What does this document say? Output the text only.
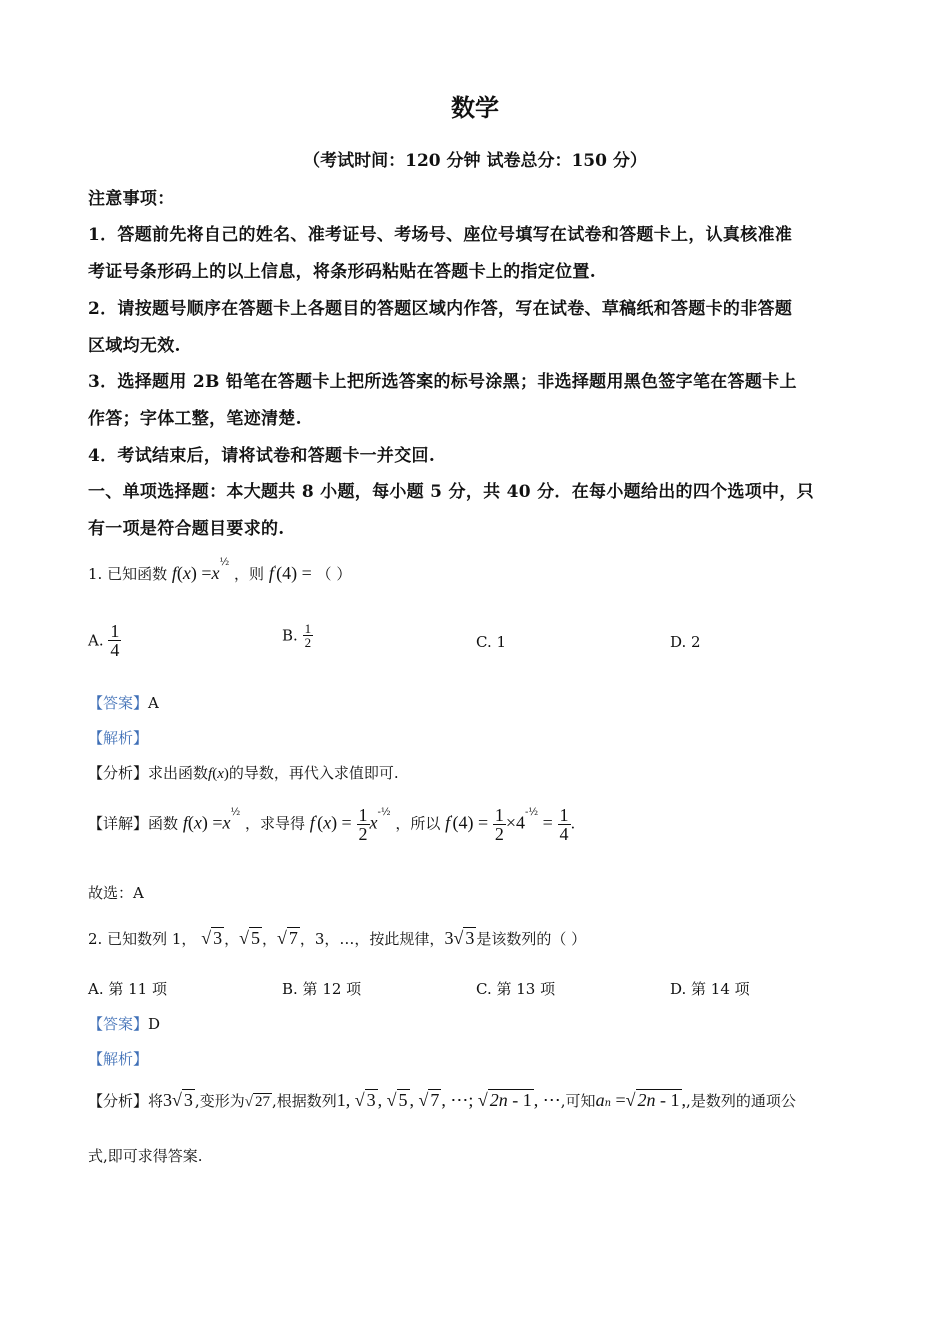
数学
（考试时间：120 分钟 试卷总分：150 分）
注意事项：
1．答题前先将自己的姓名、准考证号、考场号、座位号填写在试卷和答题卡上，认真核准准
考证号条形码上的以上信息，将条形码粘贴在答题卡上的指定位置.
2．请按题号顺序在答题卡上各题目的答题区域内作答，写在试卷、草稿纸和答题卡的非答题
区域均无效.
3．选择题用 2B 铅笔在答题卡上把所选答案的标号涂黑；非选择题用黑色签字笔在答题卡上
作答；字体工整，笔迹清楚.
4．考试结束后，请将试卷和答题卡一并交回.
一、单项选择题：本大题共 8 小题，每小题 5 分，共 40 分．在每小题给出的四个选项中，只
有一项是符合题目要求的.
1. 已知函数 $f(x) =x^{\frac{1}{2}}$ ，则 f′(4) = （ ）
A. $\frac{1}{4}$	B. $\frac{1}{2}$	C. 1	D. 2
【答案】A
【解析】
【分析】求出函数f(x)的导数，再代入求值即可.
【详解】函数 $f(x) =x^{\frac{1}{2}}$ ，求导得 $f'(x) = \frac{1}{2} x^{-\frac{1}{2}}$ ，所以 $f'(4) = \frac{1}{2} \times 4^{-\frac{1}{2}} = \frac{1}{4}$ .
故选：A
2. 已知数列 1， √ 3 ，√ 5 ，√ 7 ，3，…，按此规律，3√ 3 是该数列的（ ）
A. 第 11 项	B. 第 12 项	C. 第 13 项	D. 第 14 项
【答案】D
【解析】
【分析】将3√ 3 ,变形为√ 27 ,根据数列1, √ 3 , √ 5 , √ 7 , ⋯; √ 2n - 1 , ⋯,可知an =√ 2n - 1 ,,是数列的通项公
式,即可求得答案.
